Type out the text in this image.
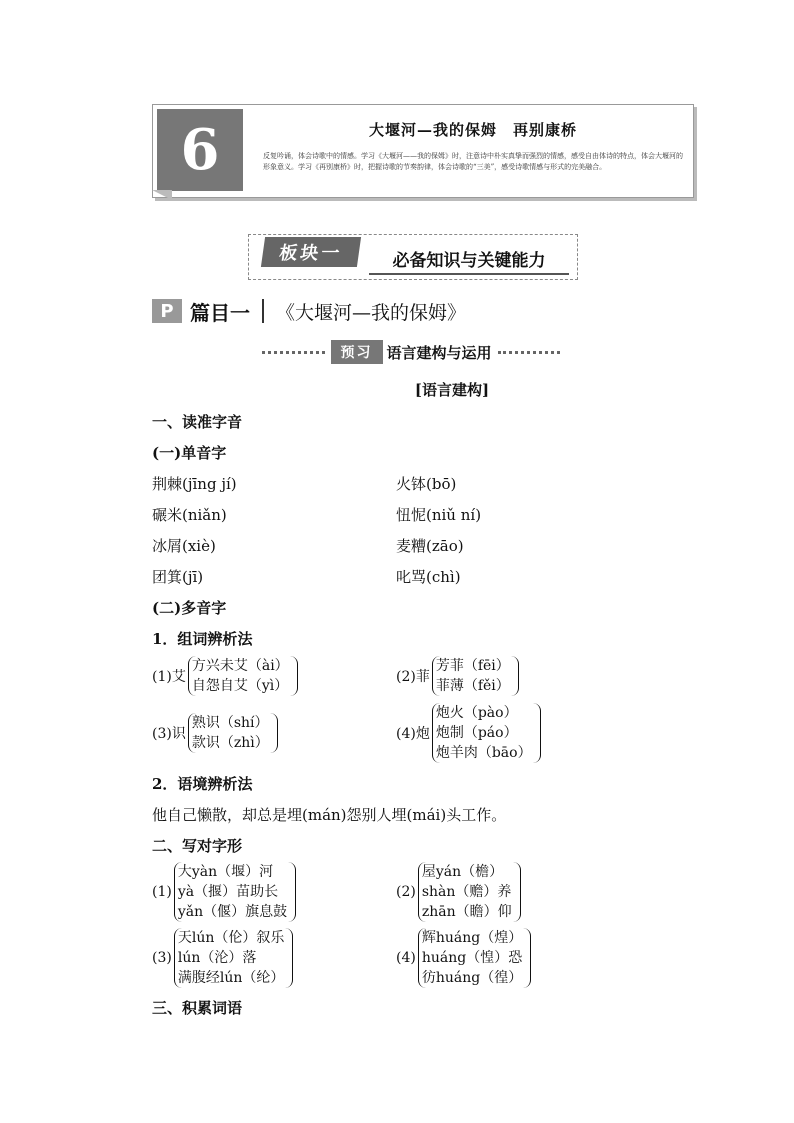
6	大堰河—我的保姆　再别康桥
反复吟诵，体会诗歌中的情感。学习《大堰河——我的保姆》时，注意诗中朴实真挚而强烈的情感，感受自由体诗的特点，体会大堰河的形象意义。学习《再别康桥》时，把握诗歌的节奏韵律，体会诗歌的“三美”，感受诗歌情感与形式的完美融合。
板块一	必备知识与关键能力
P 篇目一 《大堰河—我的保姆》
预习 语言建构与运用
[语言建构]
一、读准字音
(一)单音字
荆棘(jīng jí)	火钵(bō)
碾米(niǎn)	忸怩(niǔ ní)
冰屑(xiè)	麦糟(zāo)
团箕(jī)	叱骂(chì)
(二)多音字
1．组词辨析法
(1)艾
方兴未艾（ài）
自怨自艾（yì）
(2)菲
芳菲（fēi）
菲薄（fěi）
(3)识
熟识（shí）
款识（zhì）
(4)炮
炮火（pào）
炮制（páo）
炮羊肉（bāo）
2．语境辨析法
他自己懒散，却总是埋(mán)怨别人埋(mái)头工作。
二、写对字形
(1)
大yàn（堰）河
yà（揠）苗助长
yǎn（偃）旗息鼓
(2)
屋yán（檐）
shàn（赡）养
zhān（瞻）仰
(3)
天lún（伦）叙乐
lún（沦）落
满腹经lún（纶）
(4)
辉huáng（煌）
huáng（惶）恐
彷huáng（徨）
三、积累词语
